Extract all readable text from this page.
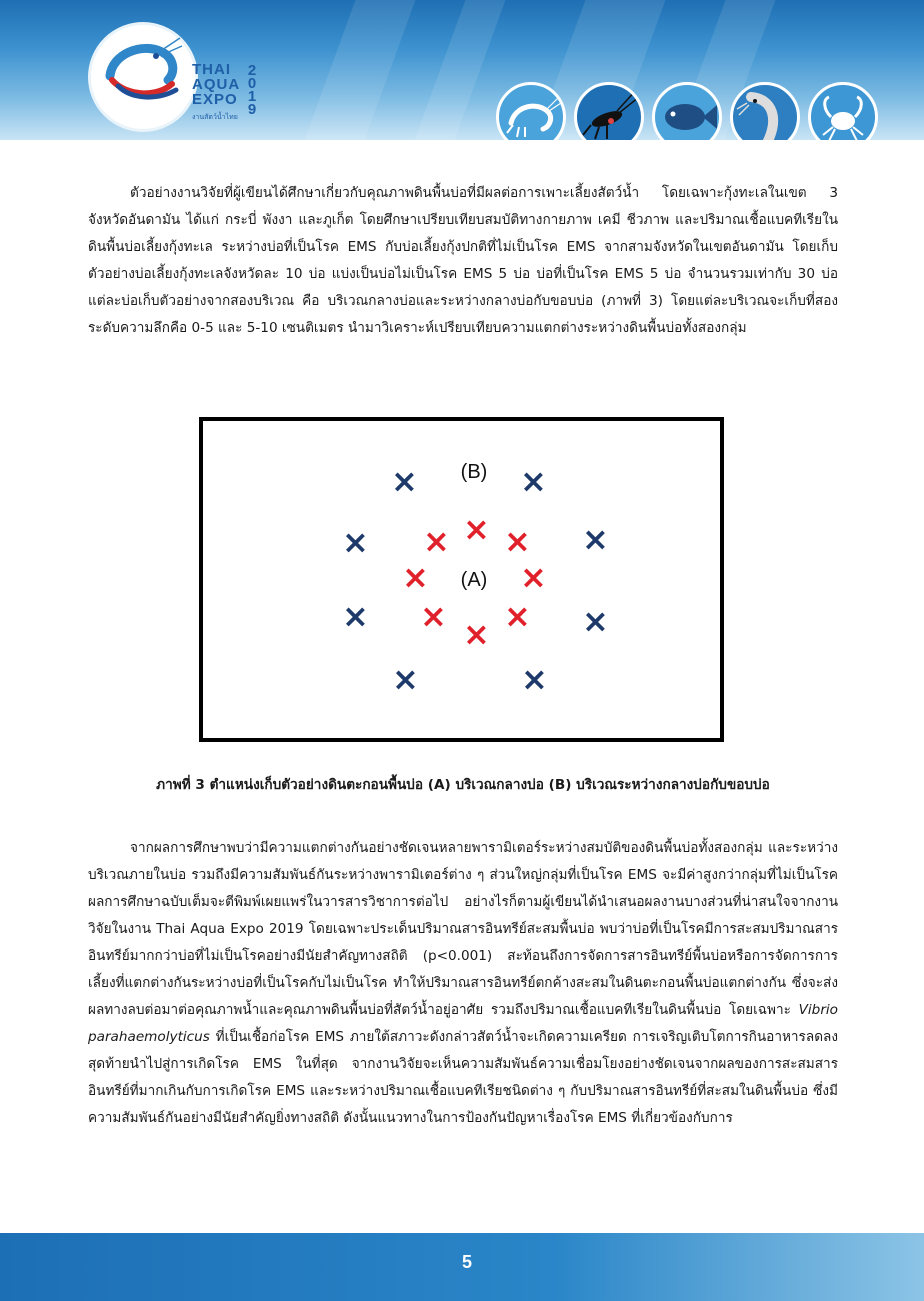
THAI
AQUA
EXPO
2
0
1
9
งานสัตว์น้ำไทย

ตัวอย่างงานวิจัยที่ผู้เขียนได้ศึกษาเกี่ยวกับคุณภาพดินพื้นบ่อที่มีผลต่อการเพาะเลี้ยงสัตว์น้ำ โดยเฉพาะกุ้งทะเลในเขต 3 จังหวัดอันดามัน ได้แก่ กระบี่ พังงา และภูเก็ต โดยศึกษาเปรียบเทียบสมบัติทางกายภาพ เคมี ชีวภาพ และปริมาณเชื้อแบคทีเรียในดินพื้นบ่อเลี้ยงกุ้งทะเล ระหว่างบ่อที่เป็นโรค EMS กับบ่อเลี้ยงกุ้งปกติที่ไม่เป็นโรค EMS จากสามจังหวัดในเขตอันดามัน โดยเก็บตัวอย่างบ่อเลี้ยงกุ้งทะเลจังหวัดละ 10 บ่อ แบ่งเป็นบ่อไม่เป็นโรค EMS 5 บ่อ บ่อที่เป็นโรค EMS 5 บ่อ จำนวนรวมเท่ากับ 30 บ่อ แต่ละบ่อเก็บตัวอย่างจากสองบริเวณ คือ บริเวณกลางบ่อและระหว่างกลางบ่อกับขอบบ่อ (ภาพที่ 3) โดยแต่ละบริเวณจะเก็บที่สองระดับความลึกคือ 0-5 และ 5-10 เซนติเมตร นำมาวิเคราะห์เปรียบเทียบความแตกต่างระหว่างดินพื้นบ่อทั้งสองกลุ่ม

×	×
×	×
×	×
×	×
×
× ×
×	×
× ×
×
(B)
(A)
ภาพที่ 3 ตำแหน่งเก็บตัวอย่างดินตะกอนพื้นบ่อ (A) บริเวณกลางบ่อ (B) บริเวณระหว่างกลางบ่อกับขอบบ่อ

จากผลการศึกษาพบว่ามีความแตกต่างกันอย่างชัดเจนหลายพารามิเตอร์ระหว่างสมบัติของดินพื้นบ่อทั้งสองกลุ่ม และระหว่างบริเวณภายในบ่อ รวมถึงมีความสัมพันธ์กันระหว่างพารามิเตอร์ต่าง ๆ ส่วนใหญ่กลุ่มที่เป็นโรค EMS จะมีค่าสูงกว่ากลุ่มที่ไม่เป็นโรค ผลการศึกษาฉบับเต็มจะตีพิมพ์เผยแพร่ในวารสารวิชาการต่อไป อย่างไรก็ตามผู้เขียนได้นำเสนอผลงานบางส่วนที่น่าสนใจจากงานวิจัยในงาน Thai Aqua Expo 2019 โดยเฉพาะประเด็นปริมาณสารอินทรีย์สะสมพื้นบ่อ พบว่าบ่อที่เป็นโรคมีการสะสมปริมาณสารอินทรีย์มากกว่าบ่อที่ไม่เป็นโรคอย่างมีนัยสำคัญทางสถิติ (p<0.001) สะท้อนถึงการจัดการสารอินทรีย์พื้นบ่อหรือการจัดการการเลี้ยงที่แตกต่างกันระหว่างบ่อที่เป็นโรคกับไม่เป็นโรค ทำให้ปริมาณสารอินทรีย์ตกค้างสะสมในดินตะกอนพื้นบ่อแตกต่างกัน ซึ่งจะส่งผลทางลบต่อมาต่อคุณภาพน้ำและคุณภาพดินพื้นบ่อที่สัตว์น้ำอยู่อาศัย รวมถึงปริมาณเชื้อแบคทีเรียในดินพื้นบ่อ โดยเฉพาะ Vibrio parahaemolyticus ที่เป็นเชื้อก่อโรค EMS ภายใต้สภาวะดังกล่าวสัตว์น้ำจะเกิดความเครียด การเจริญเติบโตการกินอาหารลดลง สุดท้ายนำไปสู่การเกิดโรค EMS ในที่สุด จากงานวิจัยจะเห็นความสัมพันธ์ความเชื่อมโยงอย่างชัดเจนจากผลของการสะสมสารอินทรีย์ที่มากเกินกับการเกิดโรค EMS และระหว่างปริมาณเชื้อแบคทีเรียชนิดต่าง ๆ กับปริมาณสารอินทรีย์ที่สะสมในดินพื้นบ่อ ซึ่งมีความสัมพันธ์กันอย่างมีนัยสำคัญยิ่งทางสถิติ ดังนั้นแนวทางในการป้องกันปัญหาเรื่องโรค EMS ที่เกี่ยวข้องกับการ

5
